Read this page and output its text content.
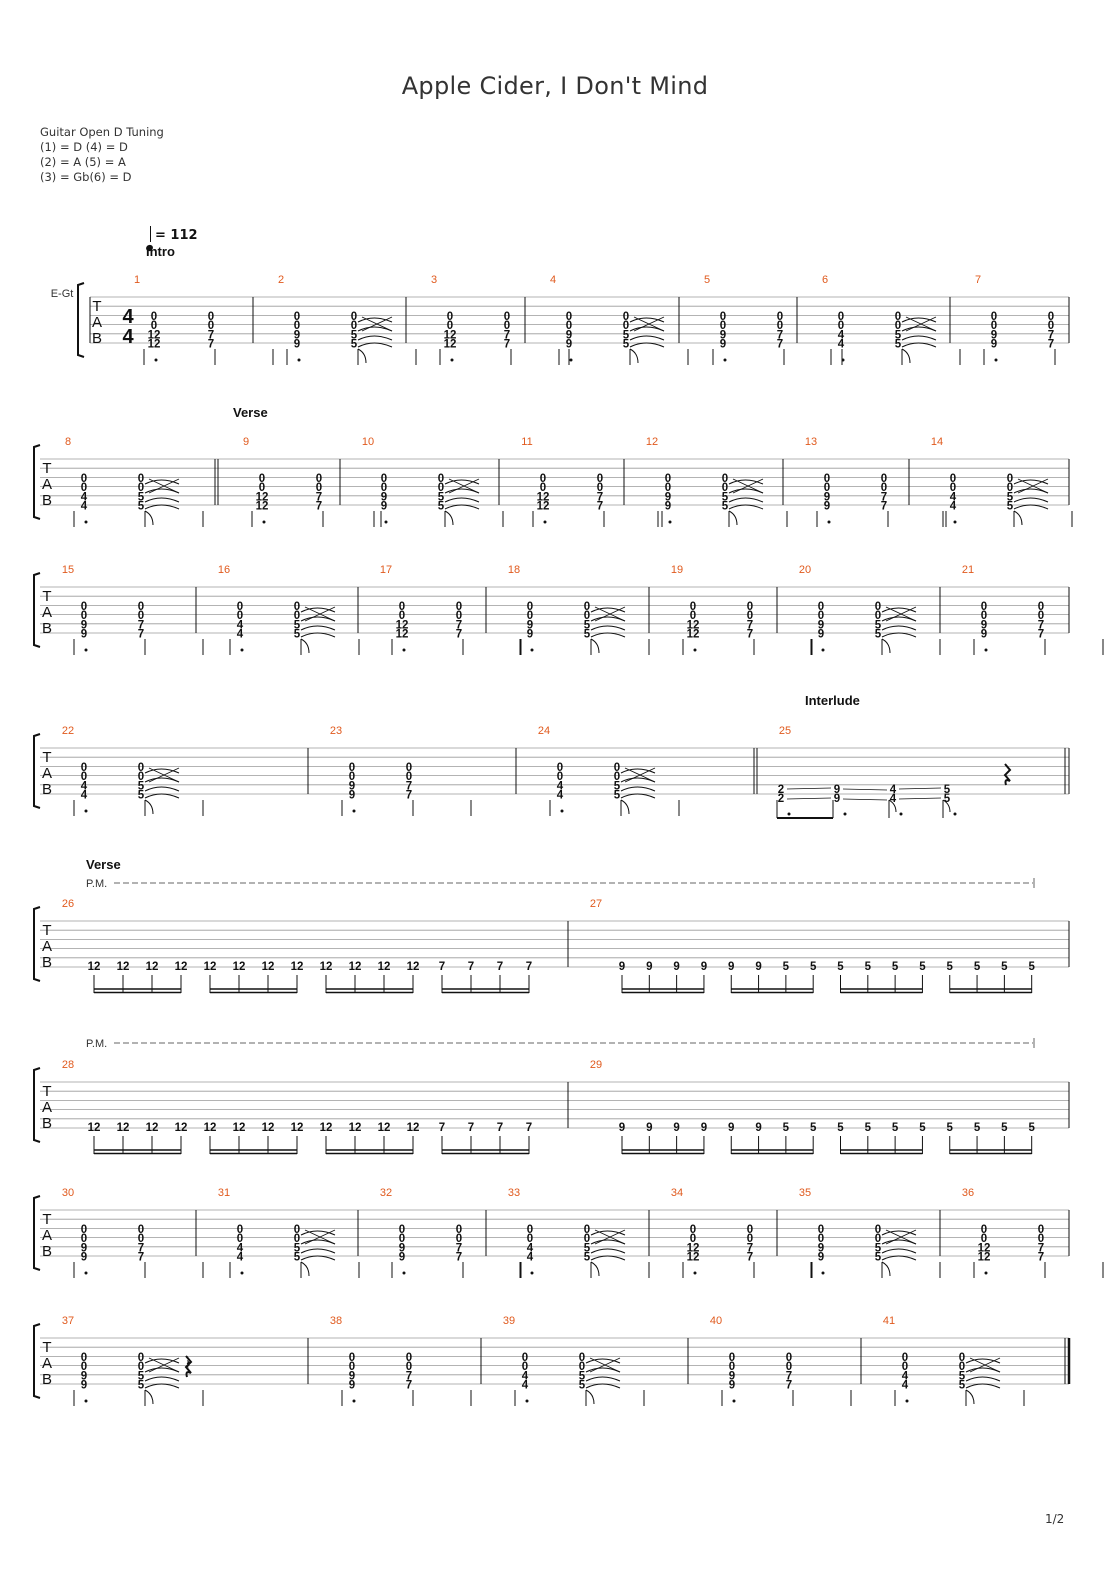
Apple Cider, I Don't Mind
Guitar Open D Tuning
(1) = D (4) = D
(2) = A (5) = A
(3) = Gb(6) = D
= 112
T
A
B
E-Gt
4
4
Intro
1
0
0
12
12
0
0
7
7
2
0
0
9
9
0
0
5
5
3
0
0
12
12
0
0
7
7
4
0
0
9
9
0
0
5
5
5
0
0
9
9
0
0
7
7
6
0
0
4
4
0
0
5
5
7
0
0
9
9
0
0
7
7
T
A
B
Verse
8
0
0
4
4
0
0
5
5
9
0
0
12
12
0
0
7
7
10
0
0
9
9
0
0
5
5
11
0
0
12
12
0
0
7
7
12
0
0
9
9
0
0
5
5
13
0
0
9
9
0
0
7
7
14
0
0
4
4
0
0
5
5
T
A
B
15
0
0
9
9
0
0
7
7
16
0
0
4
4
0
0
5
5
17
0
0
12
12
0
0
7
7
18
0
0
9
9
0
0
5
5
19
0
0
12
12
0
0
7
7
20
0
0
9
9
0
0
5
5
21
0
0
9
9
0
0
7
7
T
A
B
22
0
0
4
4
0
0
5
5
23
0
0
9
9
0
0
7
7
24
0
0
4
4
0
0
5
5
25
Interlude
2
2
9
9
4
4
5
5
T
A
B
Verse
P.M.
26
12 12 12 12 12 12 12 12 12 12 12 12 7 7 7 7
27
9 9 9 9 9 9 5 5 5 5 5 5 5 5 5 5
T
A
B
P.M.
28
12 12 12 12 12 12 12 12 12 12 12 12 7 7 7 7
29
9 9 9 9 9 9 5 5 5 5 5 5 5 5 5 5
T
A
B
30
0
0
9
9
0
0
7
7
31
0
0
4
4
0
0
5
5
32
0
0
9
9
0
0
7
7
33
0
0
4
4
0
0
5
5
34
0
0
12
12
0
0
7
7
35
0
0
9
9
0
0
5
5
36
0
0
12
12
0
0
7
7
T
A
B
37
0
0
9
9
0
0
5
5
𝄽
38
0
0
9
9
0
0
7
7
39
0
0
4
4
0
0
5
5
40
0
0
9
9
0
0
7
7
41
0
0
4
4
0
0
5
5
1/2
